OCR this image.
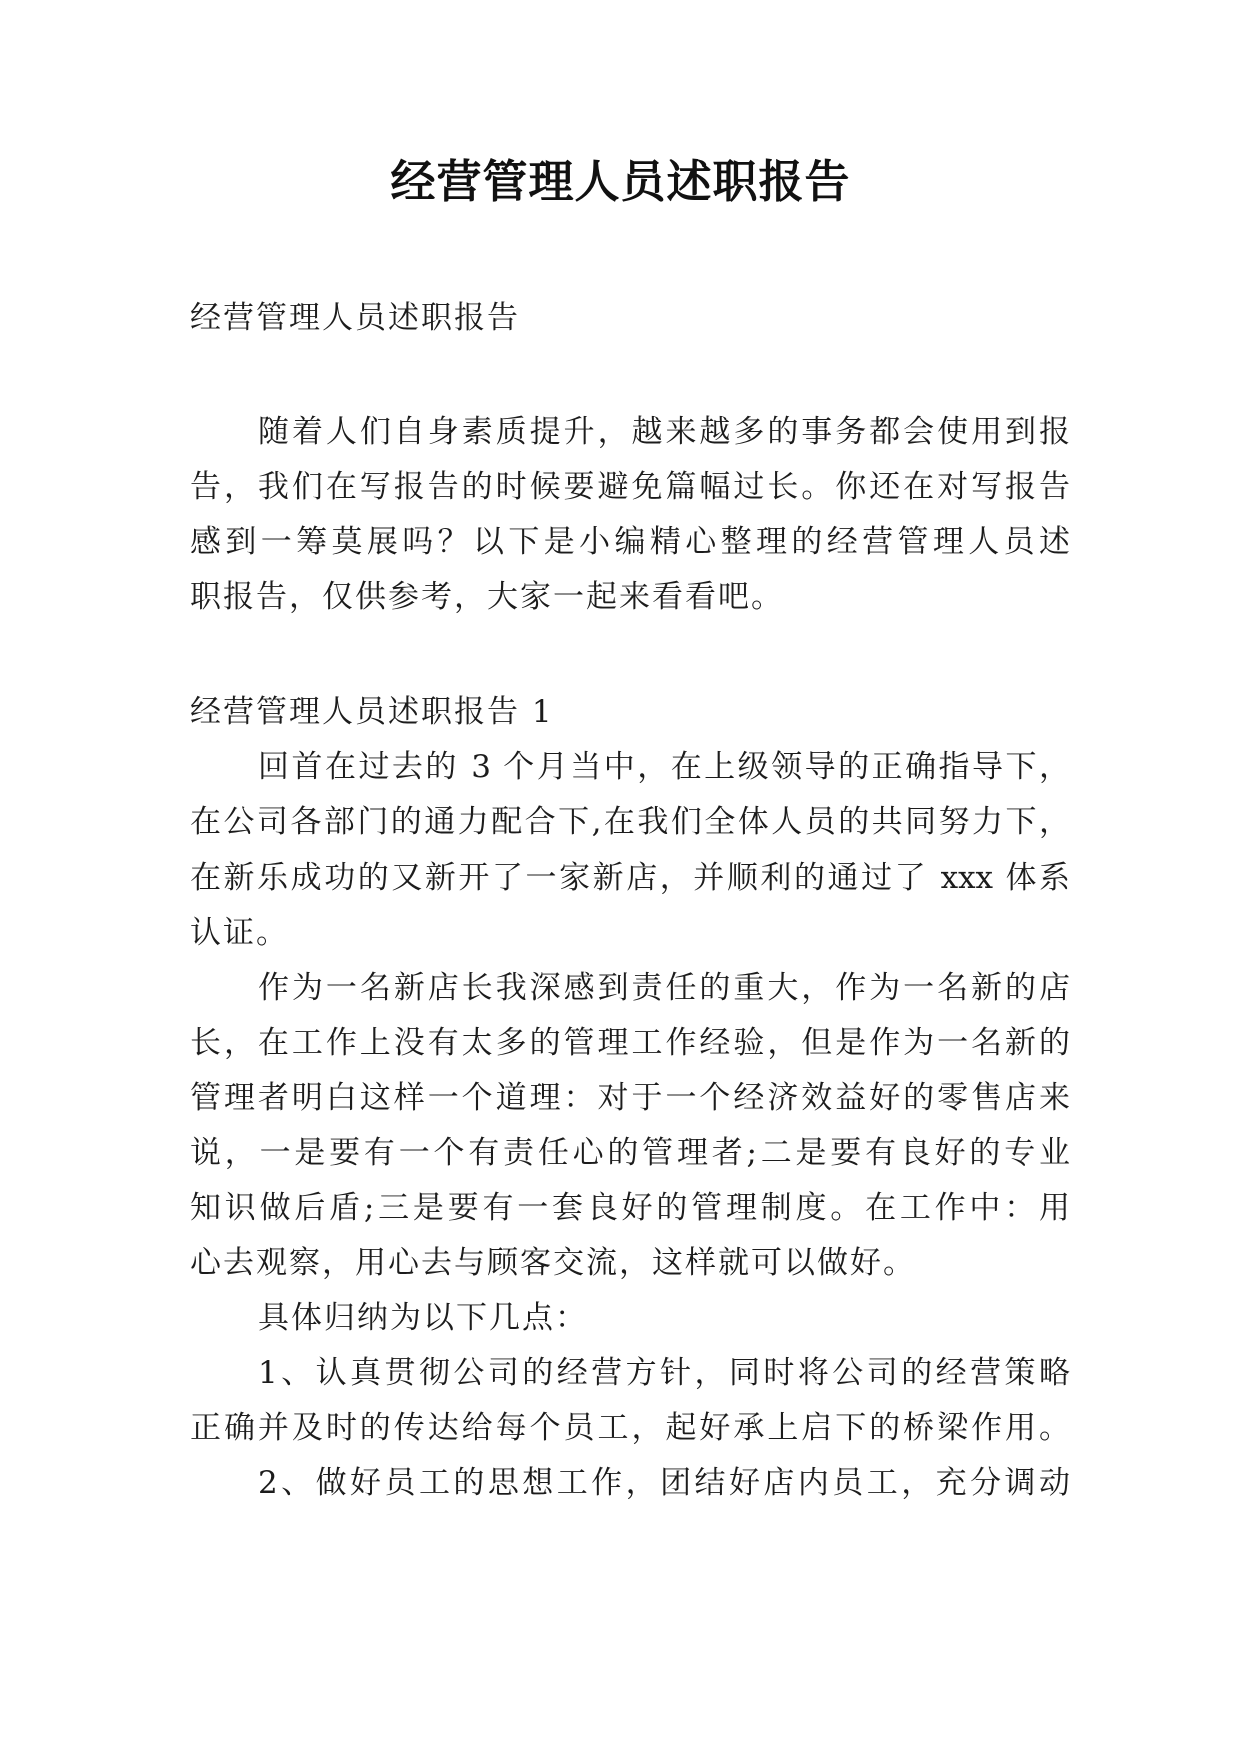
经营管理人员述职报告
经营管理人员述职报告
随着人们自身素质提升，越来越多的事务都会使用到报
告，我们在写报告的时候要避免篇幅过长。你还在对写报告
感到一筹莫展吗？以下是小编精心整理的经营管理人员述
职报告，仅供参考，大家一起来看看吧。
经营管理人员述职报告 1
回首在过去的 3 个月当中，在上级领导的正确指导下，
在公司各部门的通力配合下,在我们全体人员的共同努力下，
在新乐成功的又新开了一家新店，并顺利的通过了 xxx 体系
认证。
作为一名新店长我深感到责任的重大，作为一名新的店
长，在工作上没有太多的管理工作经验，但是作为一名新的
管理者明白这样一个道理：对于一个经济效益好的零售店来
说，一是要有一个有责任心的管理者;二是要有良好的专业
知识做后盾;三是要有一套良好的管理制度。在工作中：用
心去观察，用心去与顾客交流，这样就可以做好。
具体归纳为以下几点：
1、认真贯彻公司的经营方针，同时将公司的经营策略
正确并及时的传达给每个员工，起好承上启下的桥梁作用。
2、做好员工的思想工作，团结好店内员工，充分调动
